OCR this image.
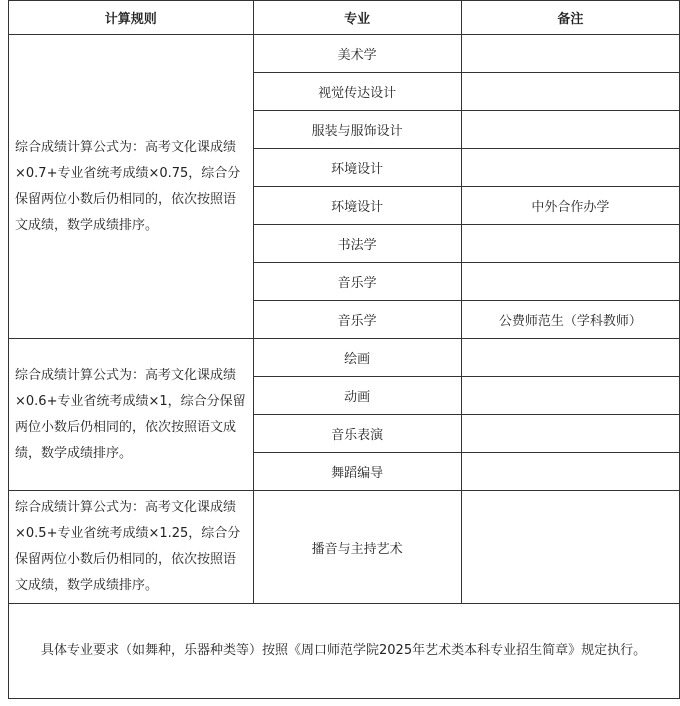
计算规则	专业	备注
综合成绩计算公式为：高考文化课成绩×0.7+专业省统考成绩×0.75，综合分保留两位小数后仍相同的，依次按照语文成绩，数学成绩排序。	美术学	
	视觉传达设计	
	服装与服饰设计	
	环境设计	
	环境设计	中外合作办学
	书法学	
	音乐学	
	音乐学	公费师范生（学科教师）
综合成绩计算公式为：高考文化课成绩×0.6+专业省统考成绩×1，综合分保留两位小数后仍相同的，依次按照语文成绩，数学成绩排序。	绘画	
	动画	
	音乐表演	
	舞蹈编导	
综合成绩计算公式为：高考文化课成绩×0.5+专业省统考成绩×1.25，综合分保留两位小数后仍相同的，依次按照语文成绩，数学成绩排序。	播音与主持艺术	
具体专业要求（如舞种，乐器种类等）按照《周口师范学院2025年艺术类本科专业招生简章》规定执行。		
